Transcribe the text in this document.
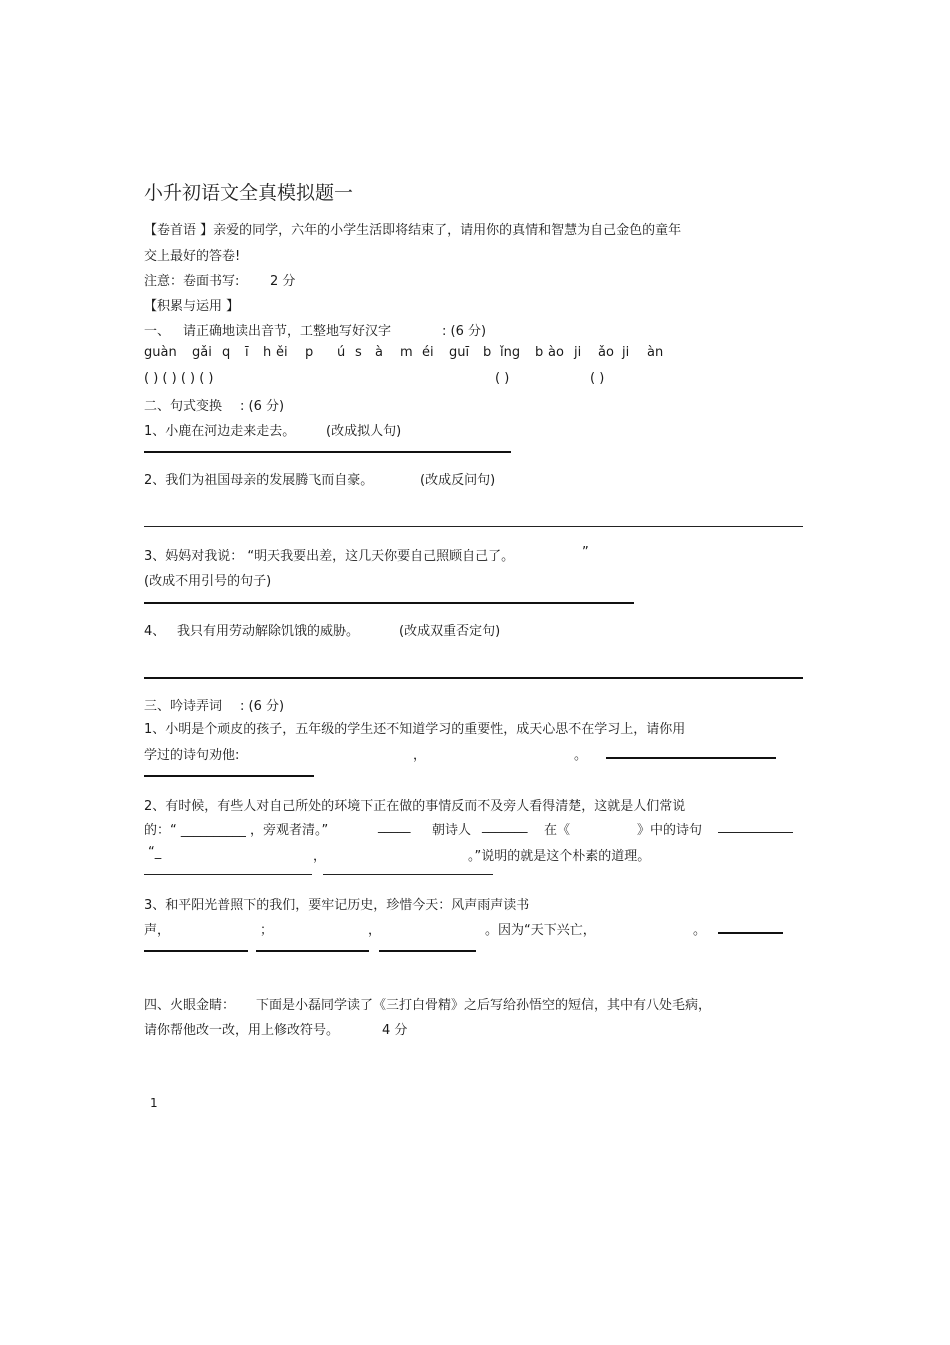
小升初语文全真模拟题一
【卷首语 】亲爱的同学，六年的小学生活即将结束了，请用你的真情和智慧为自己金色的童年
交上最好的答卷!
注意：卷面书写: 2 分
【积累与运用 】
一、 请正确地读出音节，工整地写好汉字	: (6 分)
guàn gǎi q ī h ěi p ú s à m éi guī b ǐng b ào ji ǎo ji àn
( ) ( ) ( ) ( )	( )	( )
二、句式变换 : (6 分)
1、小鹿在河边走来走去。 (改成拟人句)
2、我们为祖国母亲的发展腾飞而自豪。	(改成反问句)
3、妈妈对我说： “明天我要出差，这几天你要自己照顾自己了。	”
(改成不用引号的句子)
4、 我只有用劳动解除饥饿的威胁。	(改成双重否定句)
三、吟诗弄词 : (6 分)
1、小明是个顽皮的孩子，五年级的学生还不知道学习的重要性，成天心思不在学习上，请你用
学过的诗句劝他:	，	。
2、有时候，有些人对自己所处的环境下正在做的事情反而不及旁人看得清楚，这就是人们常说
的：“ __________ ，旁观者清。”	_____ 朝诗人 _______ 在《	》中的诗句
“_	，	。”说明的就是这个朴素的道理。
3、和平阳光普照下的我们，要牢记历史，珍惜今天：风声雨声读书
声，	；	，	。因为“天下兴亡，	。
四、火眼金睛： 下面是小磊同学读了《三打白骨精》之后写给孙悟空的短信，其中有八处毛病，
请你帮他改一改，用上修改符号。	4 分
1
